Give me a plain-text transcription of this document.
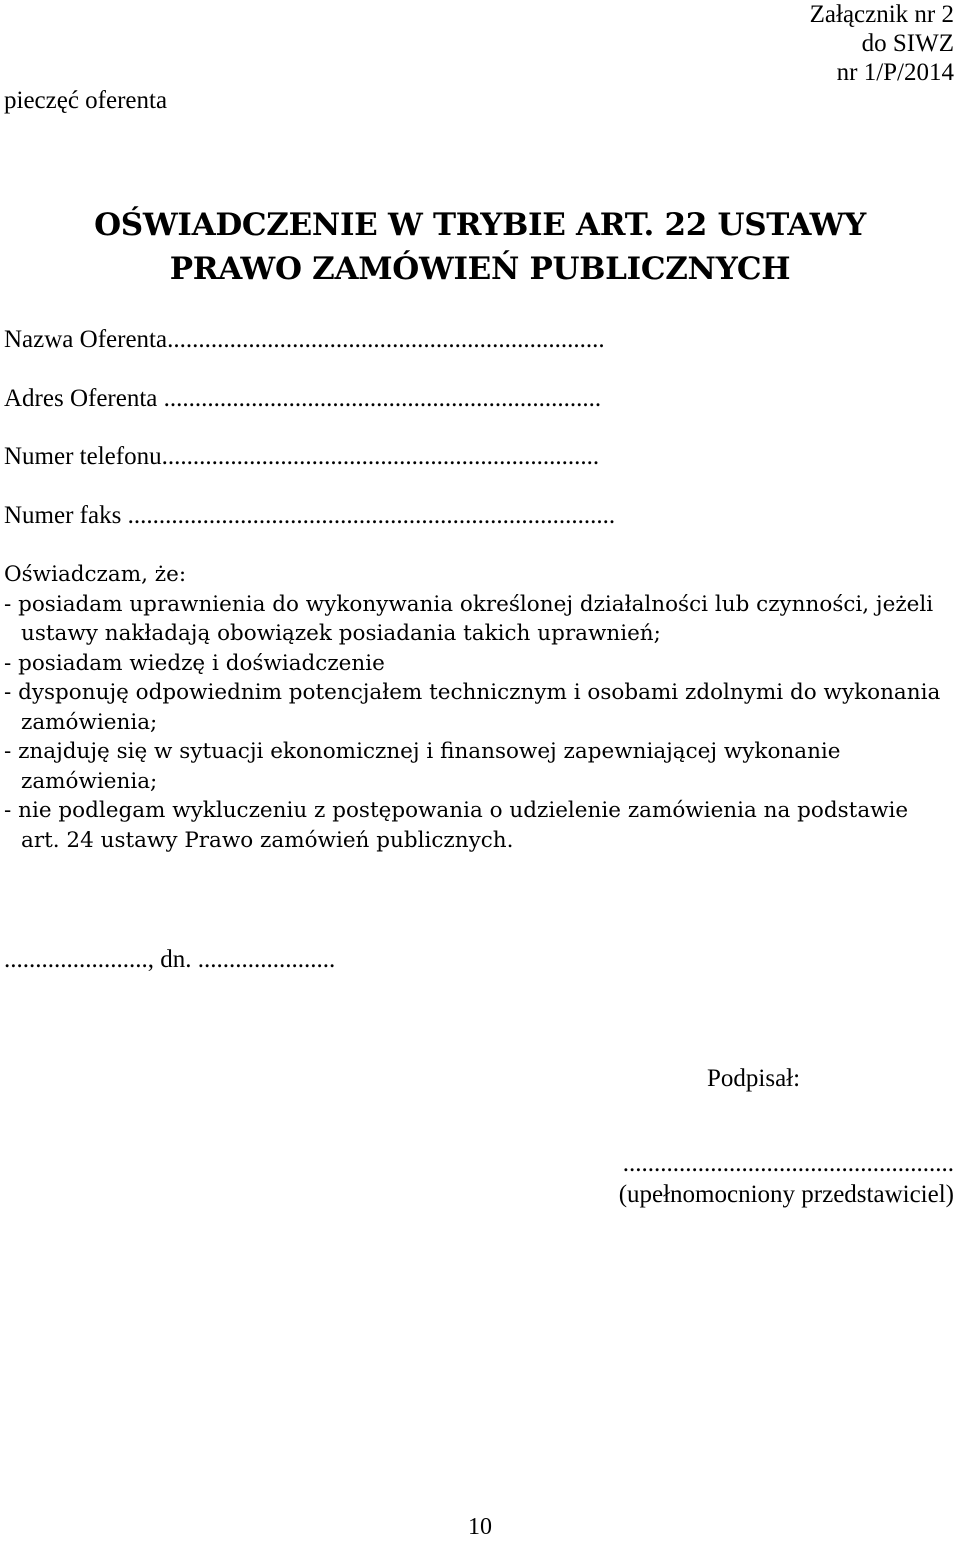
Załącznik nr 2
do SIWZ
nr 1/P/2014
pieczęć oferenta
OŚWIADCZENIE W TRYBIE ART. 22 USTAWY
PRAWO ZAMÓWIEŃ PUBLICZNYCH
Nazwa Oferenta......................................................................
Adres Oferenta ......................................................................
Numer telefonu......................................................................
Numer faks ..............................................................................
Oświadczam, że:
- posiadam uprawnienia do wykonywania określonej działalności lub czynności, jeżeli ustawy nakładają obowiązek posiadania takich uprawnień;
- posiadam wiedzę i doświadczenie
- dysponuję odpowiednim potencjałem technicznym i osobami zdolnymi do wykonania zamówienia;
- znajduję się w sytuacji ekonomicznej i finansowej zapewniającej wykonanie zamówienia;
- nie podlegam wykluczeniu z postępowania o udzielenie zamówienia na podstawie art. 24 ustawy Prawo zamówień publicznych.
......................., dn. ......................
Podpisał:
.....................................................
(upełnomocniony przedstawiciel)
10
